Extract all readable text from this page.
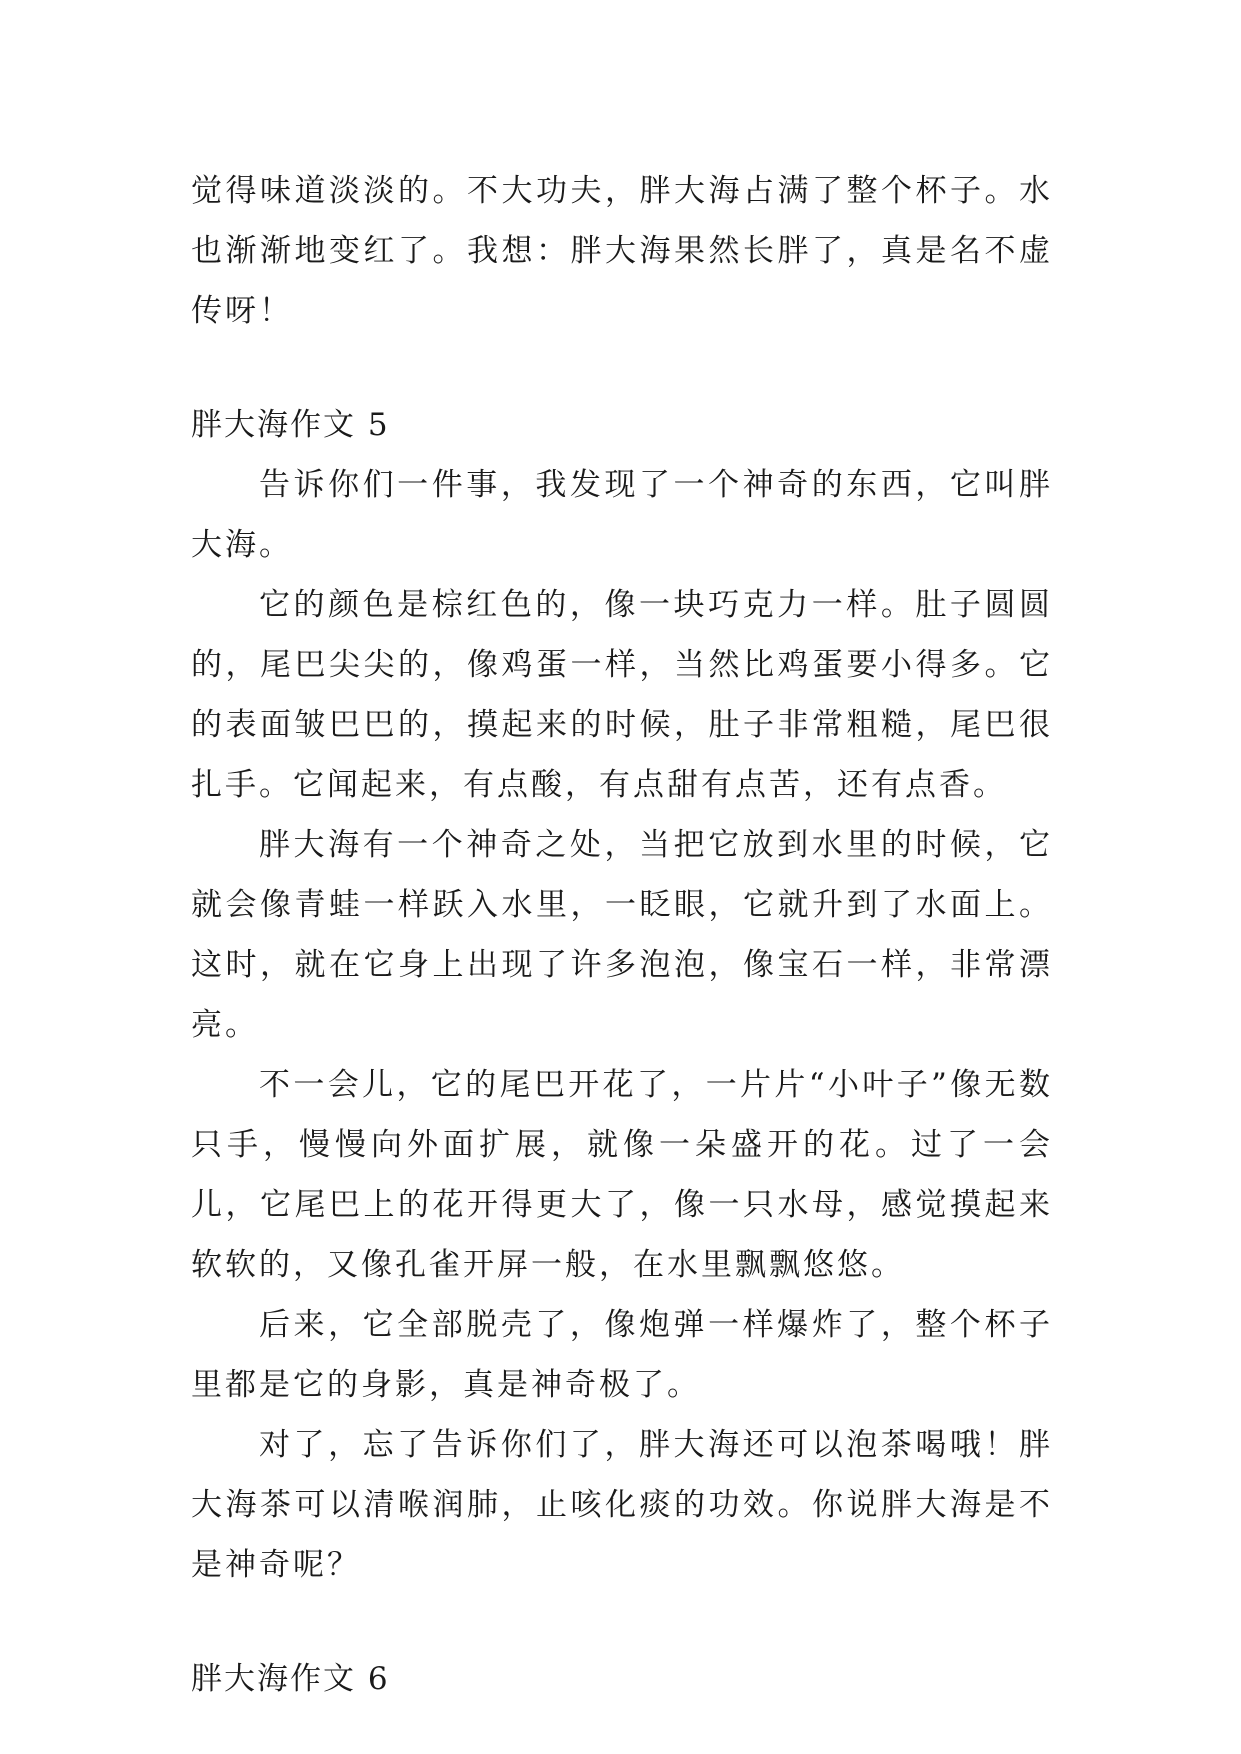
觉得味道淡淡的。不大功夫，胖大海占满了整个杯子。水也渐渐地变红了。我想：胖大海果然长胖了，真是名不虚传呀！

胖大海作文 5

告诉你们一件事，我发现了一个神奇的东西，它叫胖大海。

它的颜色是棕红色的，像一块巧克力一样。肚子圆圆的，尾巴尖尖的，像鸡蛋一样，当然比鸡蛋要小得多。它的表面皱巴巴的，摸起来的时候，肚子非常粗糙，尾巴很扎手。它闻起来，有点酸，有点甜有点苦，还有点香。

胖大海有一个神奇之处，当把它放到水里的时候，它就会像青蛙一样跃入水里，一眨眼，它就升到了水面上。这时，就在它身上出现了许多泡泡，像宝石一样，非常漂亮。

不一会儿，它的尾巴开花了，一片片“小叶子”像无数只手，慢慢向外面扩展，就像一朵盛开的花。过了一会儿，它尾巴上的花开得更大了，像一只水母，感觉摸起来软软的，又像孔雀开屏一般，在水里飘飘悠悠。

后来，它全部脱壳了，像炮弹一样爆炸了，整个杯子里都是它的身影，真是神奇极了。

对了，忘了告诉你们了，胖大海还可以泡茶喝哦！胖大海茶可以清喉润肺，止咳化痰的功效。你说胖大海是不是神奇呢？

胖大海作文 6
